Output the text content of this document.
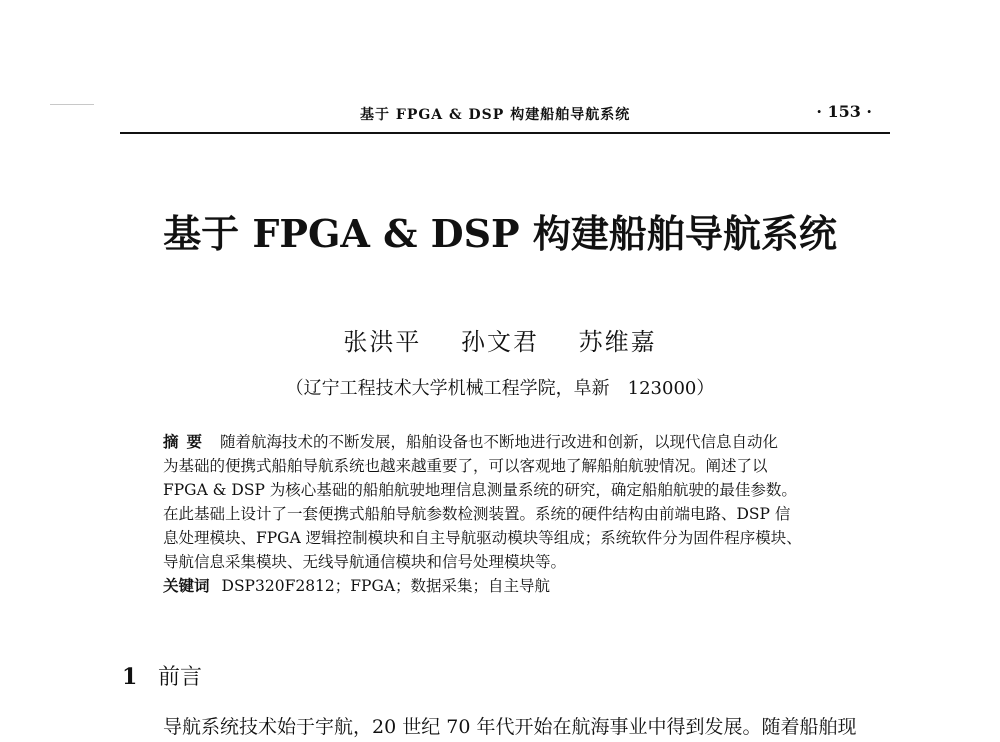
基于 FPGA & DSP 构建船舶导航系统	· 153 ·
基于 FPGA & DSP 构建船舶导航系统
张洪平 孙文君 苏维嘉
（辽宁工程技术大学机械工程学院，阜新　123000）
摘要 随着航海技术的不断发展，船舶设备也不断地进行改进和创新，以现代信息自动化
为基础的便携式船舶导航系统也越来越重要了，可以客观地了解船舶航驶情况。阐述了以
FPGA & DSP 为核心基础的船舶航驶地理信息测量系统的研究，确定船舶航驶的最佳参数。
在此基础上设计了一套便携式船舶导航参数检测装置。系统的硬件结构由前端电路、DSP 信
息处理模块、FPGA 逻辑控制模块和自主导航驱动模块等组成；系统软件分为固件程序模块、
导航信息采集模块、无线导航通信模块和信号处理模块等。
关键词 DSP320F2812；FPGA；数据采集；自主导航
1 前言
导航系统技术始于宇航，20 世纪 70 年代开始在航海事业中得到发展。随着船舶现
